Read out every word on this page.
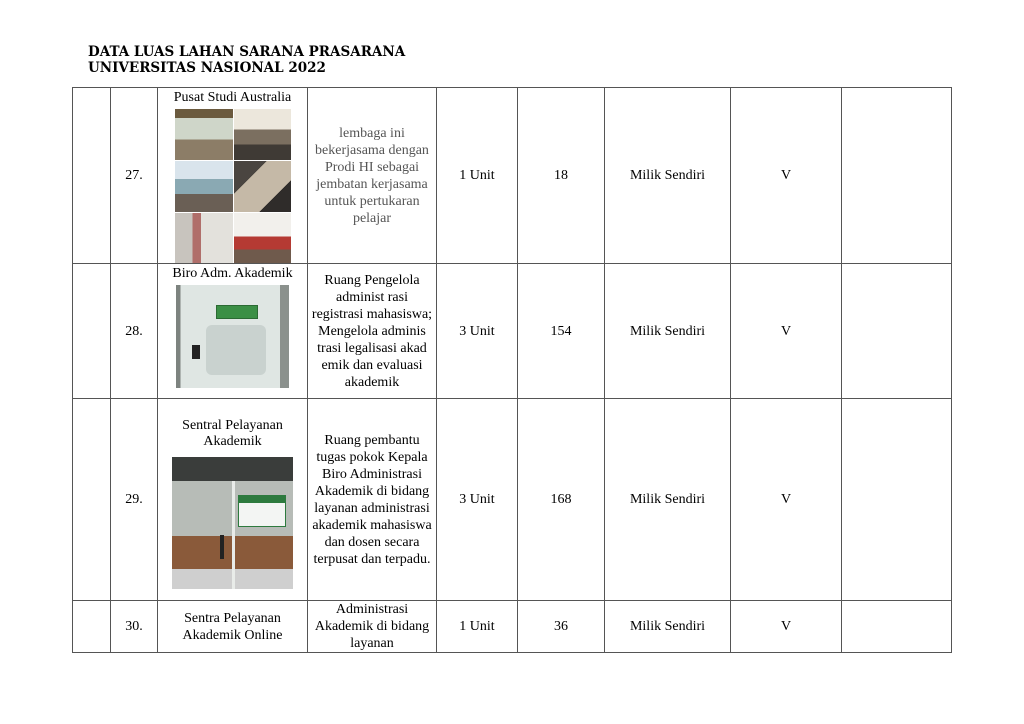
DATA LUAS LAHAN SARANA PRASARANA
UNIVERSITAS NASIONAL 2022
	27.	Pusat Studi Australia	lembaga ini bekerjasama dengan Prodi HI sebagai jembatan kerjasama untuk pertukaran pelajar	1 Unit	18	Milik Sendiri	V	
	28.	Biro Adm. Akademik	Ruang Pengelola administ rasi registrasi mahasiswa; Mengelola adminis trasi legalisasi akad emik dan evaluasi akademik	3 Unit	154	Milik Sendiri	V	
	29.	Sentral Pelayanan Akademik	Ruang pembantu tugas pokok Kepala Biro Administrasi Akademik di bidang layanan administrasi akademik mahasiswa dan dosen secara terpusat dan terpadu.	3 Unit	168	Milik Sendiri	V	
	30.	Sentra Pelayanan Akademik Online	Administrasi Akademik di bidang layanan	1 Unit	36	Milik Sendiri	V	
